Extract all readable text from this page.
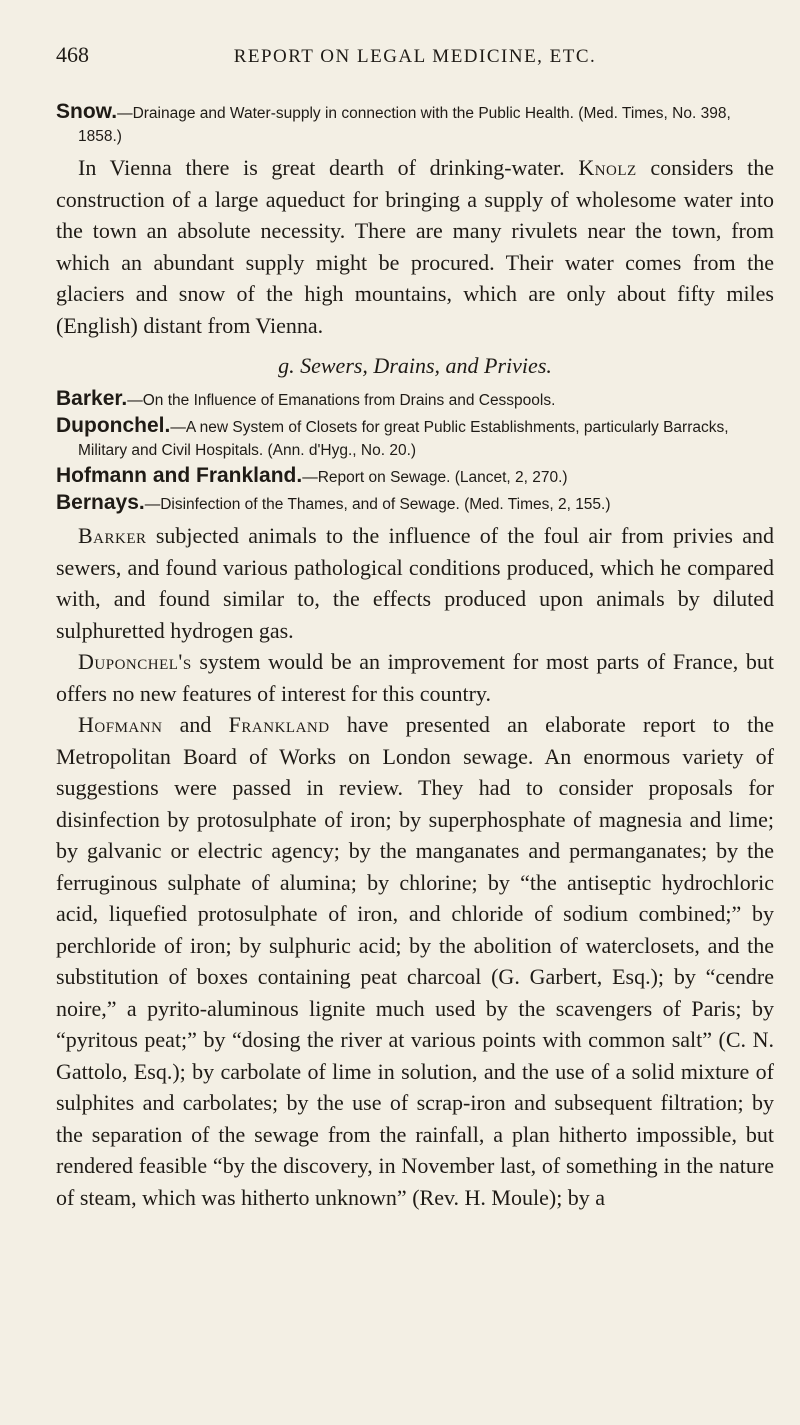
468	REPORT ON LEGAL MEDICINE, ETC.
Snow.—Drainage and Water-supply in connection with the Public Health. (Med. Times, No. 398, 1858.)

In Vienna there is great dearth of drinking-water. Knolz considers the construction of a large aqueduct for bringing a supply of wholesome water into the town an absolute necessity. There are many rivulets near the town, from which an abundant supply might be procured. Their water comes from the glaciers and snow of the high mountains, which are only about fifty miles (English) distant from Vienna.

g. Sewers, Drains, and Privies.
Barker.—On the Influence of Emanations from Drains and Cesspools.
Duponchel.—A new System of Closets for great Public Establishments, particularly Barracks, Military and Civil Hospitals. (Ann. d'Hyg., No. 20.)
Hofmann and Frankland.—Report on Sewage. (Lancet, 2, 270.)
Bernays.—Disinfection of the Thames, and of Sewage. (Med. Times, 2, 155.)

Barker subjected animals to the influence of the foul air from privies and sewers, and found various pathological conditions produced, which he compared with, and found similar to, the effects produced upon animals by diluted sulphuretted hydrogen gas.

Duponchel's system would be an improvement for most parts of France, but offers no new features of interest for this country.

Hofmann and Frankland have presented an elaborate report to the Metropolitan Board of Works on London sewage. An enormous variety of suggestions were passed in review. They had to consider proposals for disinfection by protosulphate of iron; by superphosphate of magnesia and lime; by galvanic or electric agency; by the manganates and permanganates; by the ferruginous sulphate of alumina; by chlorine; by “the antiseptic hydrochloric acid, liquefied protosulphate of iron, and chloride of sodium combined;” by perchloride of iron; by sulphuric acid; by the abolition of waterclosets, and the substitution of boxes containing peat charcoal (G. Garbert, Esq.); by “cendre noire,” a pyrito-aluminous lignite much used by the scavengers of Paris; by “pyritous peat;” by “dosing the river at various points with common salt” (C. N. Gattolo, Esq.); by carbolate of lime in solution, and the use of a solid mixture of sulphites and carbolates; by the use of scrap-iron and subsequent filtration; by the separation of the sewage from the rainfall, a plan hitherto impossible, but rendered feasible “by the discovery, in November last, of something in the nature of steam, which was hitherto unknown” (Rev. H. Moule); by a
